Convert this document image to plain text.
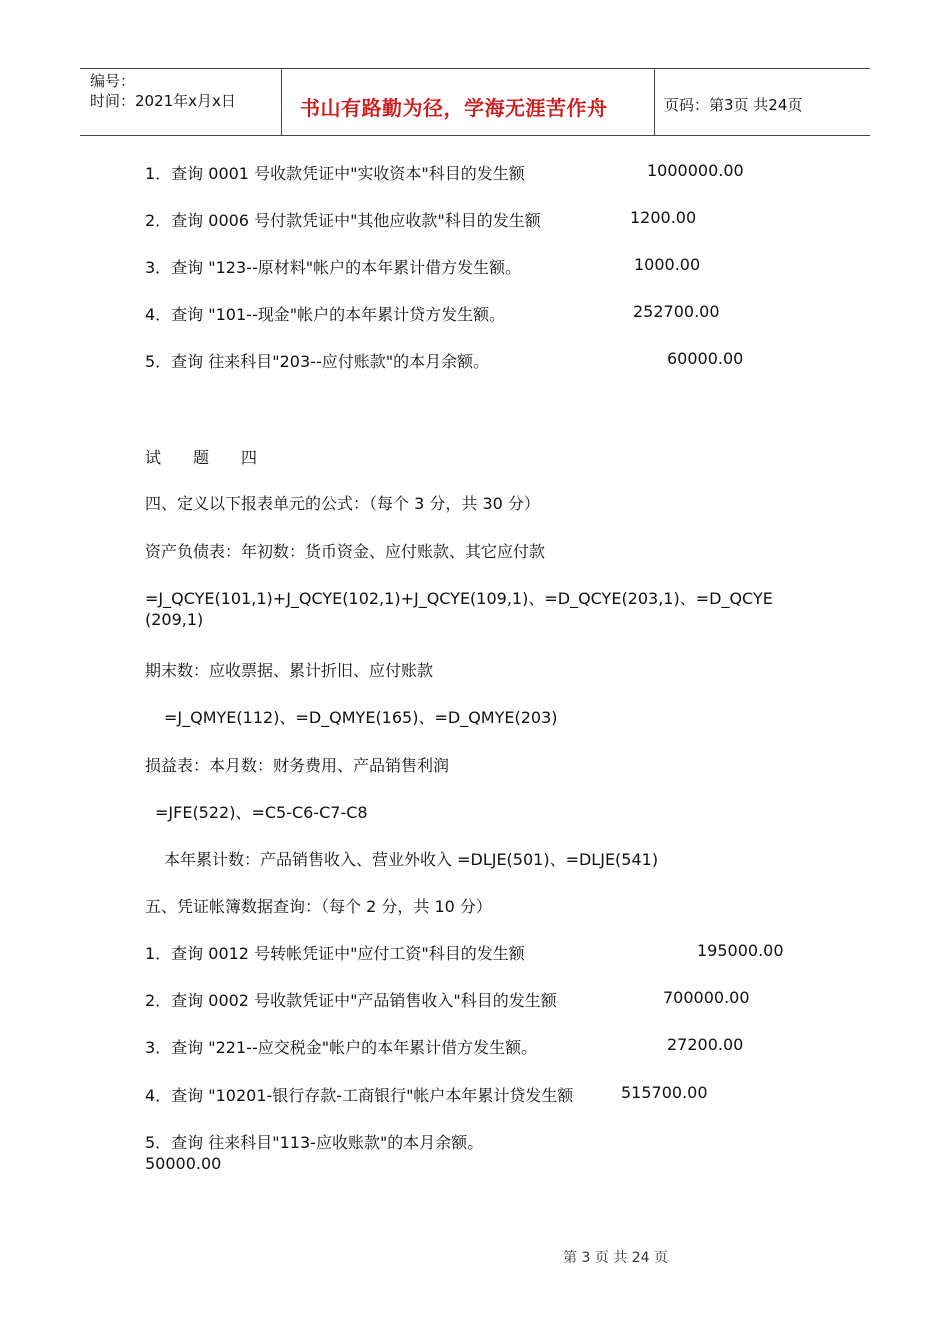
编号：
时间：2021年x月x日	书山有路勤为径，学海无涯苦作舟	页码：第3页 共24页
1．查询 0001 号收款凭证中"实收资本"科目的发生额	1000000.00
2．查询 0006 号付款凭证中"其他应收款"科目的发生额	1200.00
3．查询 "123--原材料"帐户的本年累计借方发生额。	1000.00
4．查询 "101--现金"帐户的本年累计贷方发生额。	252700.00
5．查询 往来科目"203--应付账款"的本月余额。	60000.00
试　　题　　四
四、定义以下报表单元的公式：（每个 3 分，共 30 分）
资产负债表：年初数：货币资金、应付账款、其它应付款
=J_QCYE(101,1)+J_QCYE(102,1)+J_QCYE(109,1)、=D_QCYE(203,1)、=D_QCYE
(209,1)
期末数：应收票据、累计折旧、应付账款
=J_QMYE(112)、=D_QMYE(165)、=D_QMYE(203)
损益表：本月数：财务费用、产品销售利润
=JFE(522)、=C5-C6-C7-C8
本年累计数：产品销售收入、营业外收入 =DLJE(501)、=DLJE(541)
五、凭证帐簿数据查询：（每个 2 分，共 10 分）
1．查询 0012 号转帐凭证中"应付工资"科目的发生额	195000.00
2．查询 0002 号收款凭证中"产品销售收入"科目的发生额	700000.00
3．查询 "221--应交税金"帐户的本年累计借方发生额。	27200.00
4．查询 "10201-银行存款-工商银行"帐户本年累计贷发生额	515700.00
5．查询 往来科目"113-应收账款"的本月余额。
50000.00
第 3 页 共 24 页
